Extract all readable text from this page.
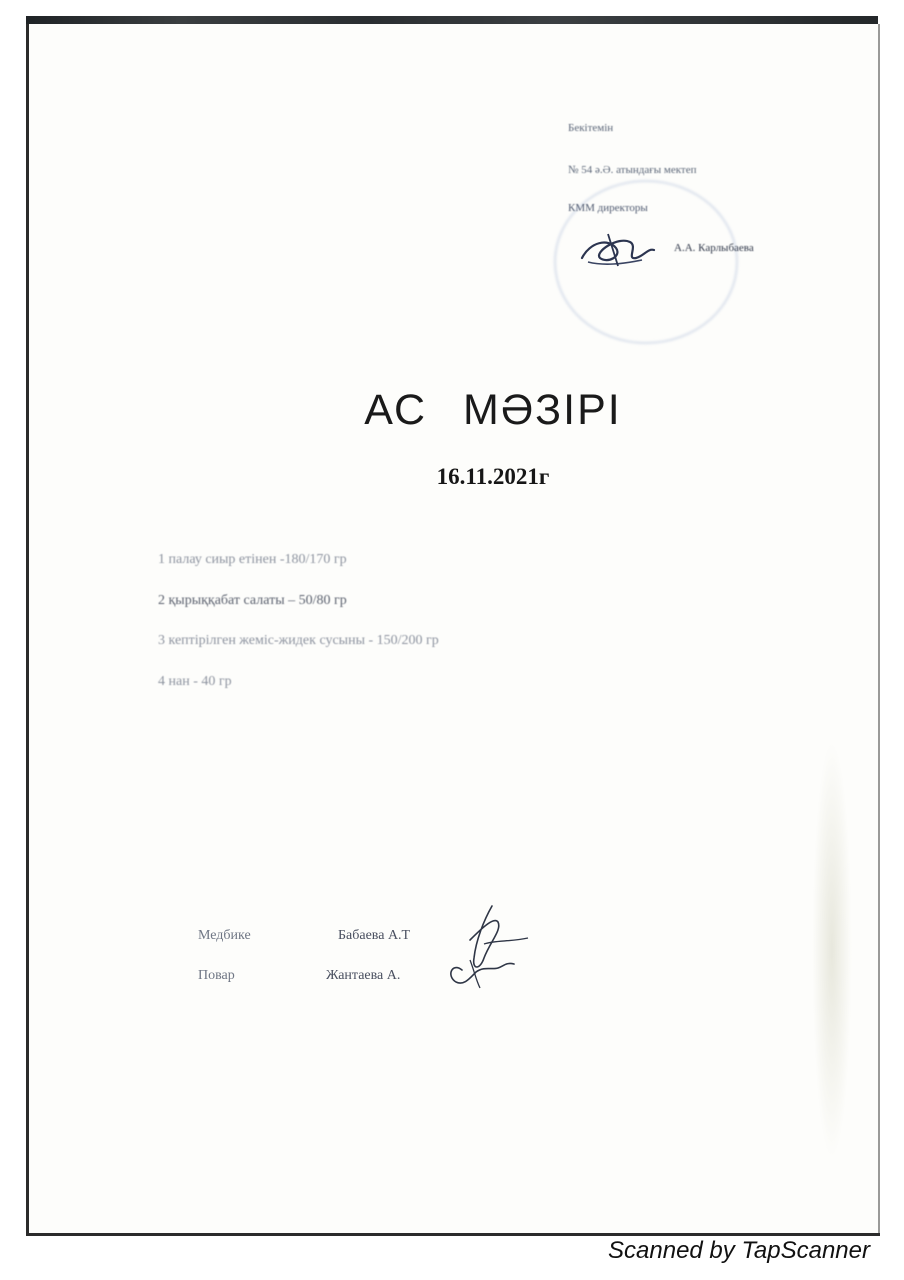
Бекітемін
№ 54 ә.Ә. атындағы мектеп
КММ директоры
А.А. Карлыбаева
АС МӘЗІРІ
16.11.2021г
1 палау сиыр етінен -180/170 гр
2 қырыққабат салаты – 50/80 гр
3 кептірілген жеміс-жидек сусыны - 150/200 гр
4 нан - 40 гр
Медбике	Бабаева А.Т
Повар	Жантаева А.
Scanned by TapScanner
